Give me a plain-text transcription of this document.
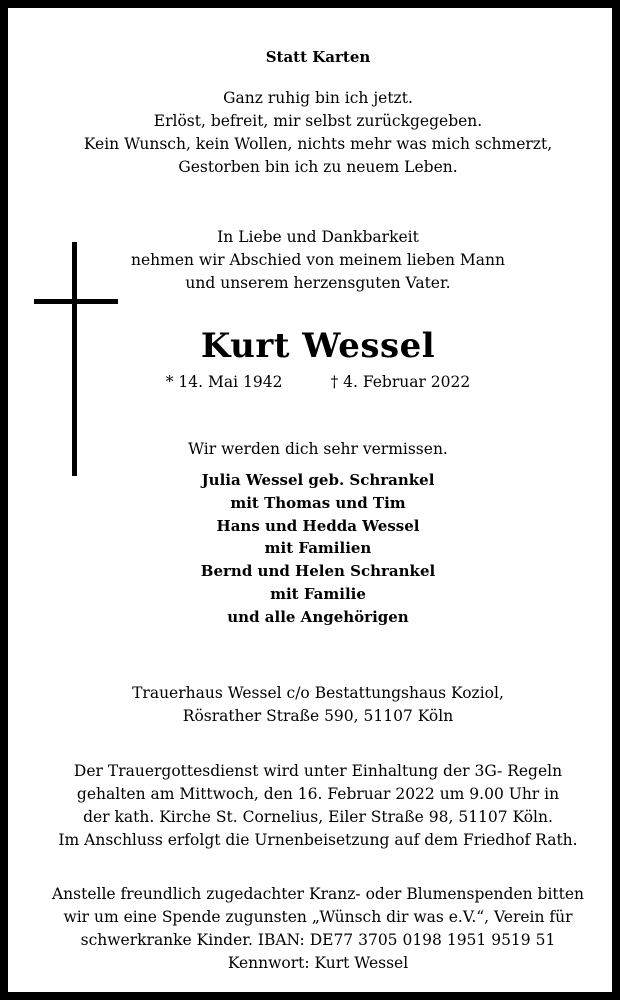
Statt Karten
Ganz ruhig bin ich jetzt.
Erlöst, befreit, mir selbst zurückgegeben.
Kein Wunsch, kein Wollen, nichts mehr was mich schmerzt,
Gestorben bin ich zu neuem Leben.
In Liebe und Dankbarkeit
nehmen wir Abschied von meinem lieben Mann
und unserem herzensguten Vater.
Kurt Wessel
* 14. Mai 1942	† 4. Februar 2022
Wir werden dich sehr vermissen.
Julia Wessel geb. Schrankel
mit Thomas und Tim
Hans und Hedda Wessel
mit Familien
Bernd und Helen Schrankel
mit Familie
und alle Angehörigen
Trauerhaus Wessel c/o Bestattungshaus Koziol,
Rösrather Straße 590, 51107 Köln
Der Trauergottesdienst wird unter Einhaltung der 3G- Regeln
gehalten am Mittwoch, den 16. Februar 2022 um 9.00 Uhr in
der kath. Kirche St. Cornelius, Eiler Straße 98, 51107 Köln.
Im Anschluss erfolgt die Urnenbeisetzung auf dem Friedhof Rath.
Anstelle freundlich zugedachter Kranz- oder Blumenspenden bitten
wir um eine Spende zugunsten „Wünsch dir was e.V.“, Verein für
schwerkranke Kinder. IBAN: DE77 3705 0198 1951 9519 51
Kennwort: Kurt Wessel
